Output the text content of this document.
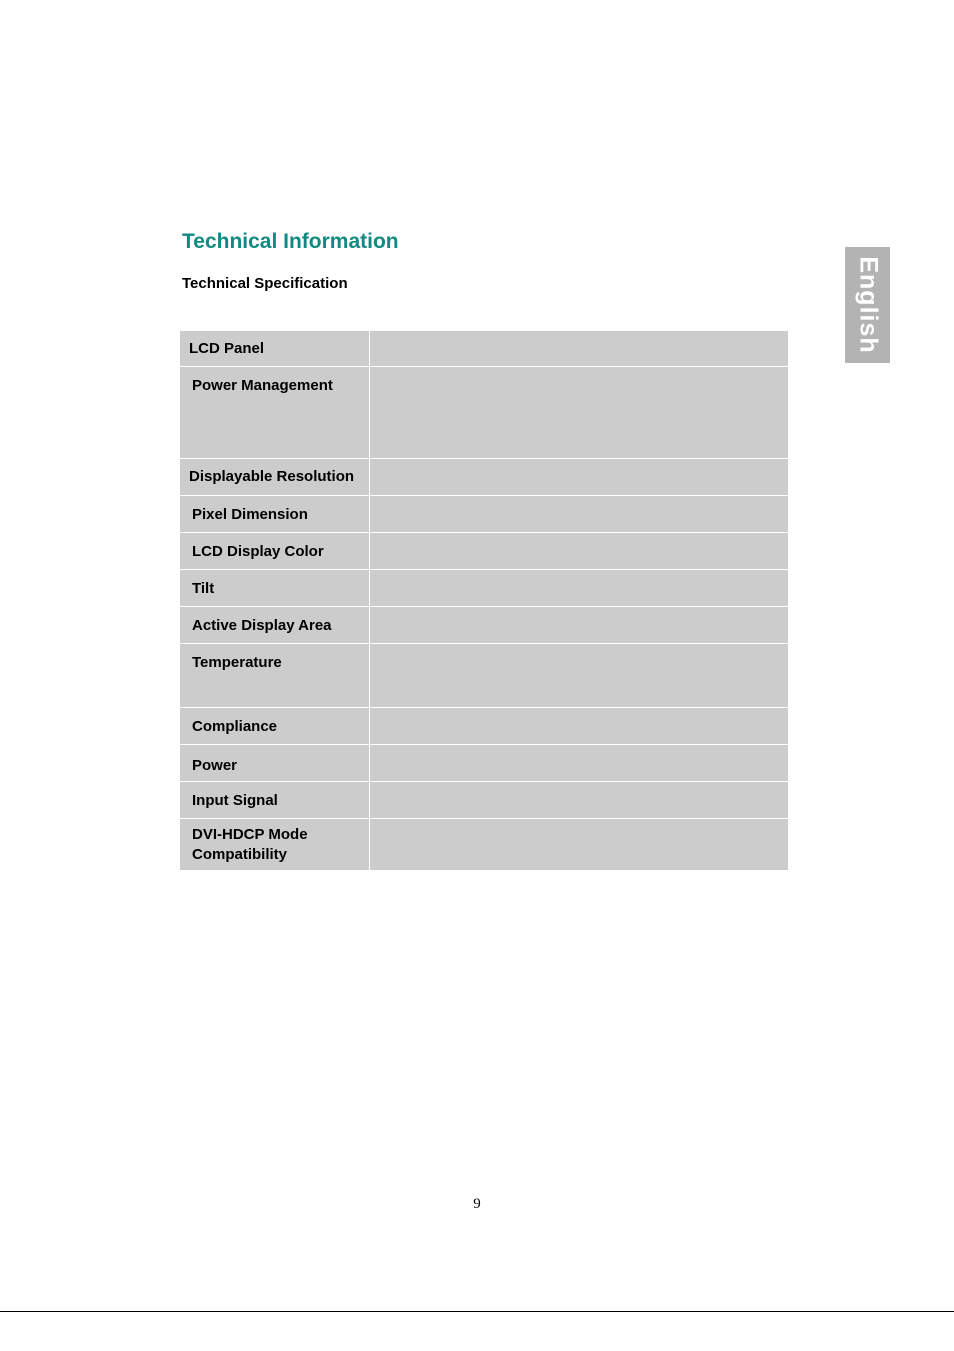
Technical Information
Technical Specification	English
LCD Panel
Power Management
Displayable Resolution
Pixel Dimension
LCD Display Color
Tilt
Active Display Area
Temperature
Compliance
Power
Input Signal
DVI-HDCP Mode
Compatibility
9
